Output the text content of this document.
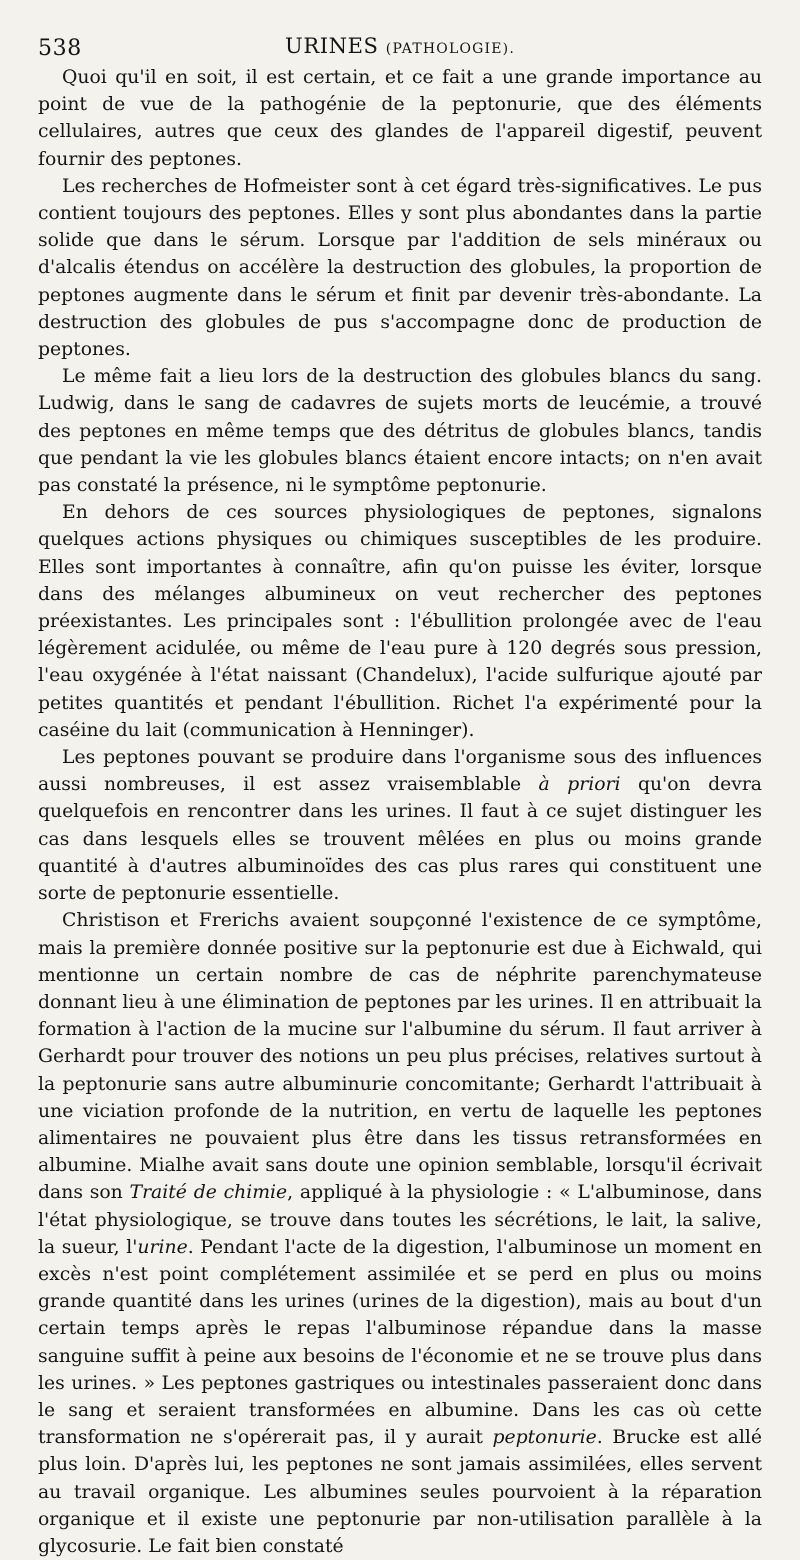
538	URINES (PATHOLOGIE).

Quoi qu'il en soit, il est certain, et ce fait a une grande importance au point de vue de la pathogénie de la peptonurie, que des éléments cellulaires, autres que ceux des glandes de l'appareil digestif, peuvent fournir des peptones.

Les recherches de Hofmeister sont à cet égard très-significatives. Le pus contient toujours des peptones. Elles y sont plus abondantes dans la partie solide que dans le sérum. Lorsque par l'addition de sels minéraux ou d'alcalis étendus on accélère la destruction des globules, la proportion de peptones augmente dans le sérum et finit par devenir très-abondante. La destruction des globules de pus s'accompagne donc de production de peptones.

Le même fait a lieu lors de la destruction des globules blancs du sang. Ludwig, dans le sang de cadavres de sujets morts de leucémie, a trouvé des peptones en même temps que des détritus de globules blancs, tandis que pendant la vie les globules blancs étaient encore intacts; on n'en avait pas constaté la présence, ni le symptôme peptonurie.

En dehors de ces sources physiologiques de peptones, signalons quelques actions physiques ou chimiques susceptibles de les produire. Elles sont importantes à connaître, afin qu'on puisse les éviter, lorsque dans des mélanges albumineux on veut rechercher des peptones préexistantes. Les principales sont : l'ébullition prolongée avec de l'eau légèrement acidulée, ou même de l'eau pure à 120 degrés sous pression, l'eau oxygénée à l'état naissant (Chandelux), l'acide sulfurique ajouté par petites quantités et pendant l'ébullition. Richet l'a expérimenté pour la caséine du lait (communication à Henninger).

Les peptones pouvant se produire dans l'organisme sous des influences aussi nombreuses, il est assez vraisemblable à priori qu'on devra quelquefois en rencontrer dans les urines. Il faut à ce sujet distinguer les cas dans lesquels elles se trouvent mêlées en plus ou moins grande quantité à d'autres albuminoïdes des cas plus rares qui constituent une sorte de peptonurie essentielle.

Christison et Frerichs avaient soupçonné l'existence de ce symptôme, mais la première donnée positive sur la peptonurie est due à Eichwald, qui mentionne un certain nombre de cas de néphrite parenchymateuse donnant lieu à une élimination de peptones par les urines. Il en attribuait la formation à l'action de la mucine sur l'albumine du sérum. Il faut arriver à Gerhardt pour trouver des notions un peu plus précises, relatives surtout à la peptonurie sans autre albuminurie concomitante; Gerhardt l'attribuait à une viciation profonde de la nutrition, en vertu de laquelle les peptones alimentaires ne pouvaient plus être dans les tissus retransformées en albumine. Mialhe avait sans doute une opinion semblable, lorsqu'il écrivait dans son Traité de chimie, appliqué à la physiologie : « L'albuminose, dans l'état physiologique, se trouve dans toutes les sécrétions, le lait, la salive, la sueur, l'urine. Pendant l'acte de la digestion, l'albuminose un moment en excès n'est point complétement assimilée et se perd en plus ou moins grande quantité dans les urines (urines de la digestion), mais au bout d'un certain temps après le repas l'albuminose répandue dans la masse sanguine suffit à peine aux besoins de l'économie et ne se trouve plus dans les urines. » Les peptones gastriques ou intestinales passeraient donc dans le sang et seraient transformées en albumine. Dans les cas où cette transformation ne s'opérerait pas, il y aurait peptonurie. Brucke est allé plus loin. D'après lui, les peptones ne sont jamais assimilées, elles servent au travail organique. Les albumines seules pourvoient à la réparation organique et il existe une peptonurie par non-utilisation parallèle à la glycosurie. Le fait bien constaté
